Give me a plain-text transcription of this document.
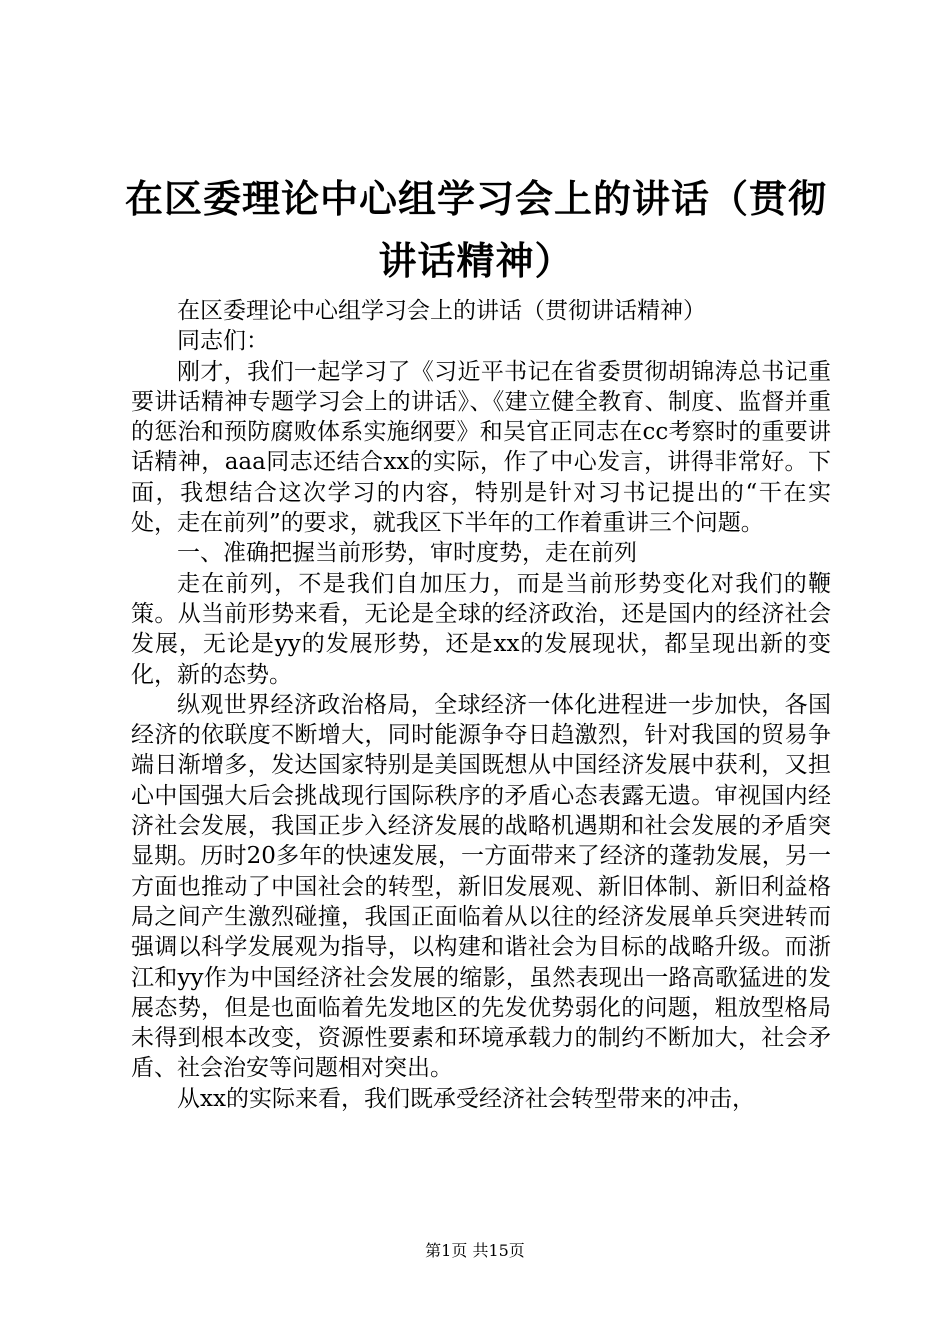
在区委理论中心组学习会上的讲话（贯彻讲话精神）

在区委理论中心组学习会上的讲话（贯彻讲话精神）

同志们：

刚才，我们一起学习了《习近平书记在省委贯彻胡锦涛总书记重要讲话精神专题学习会上的讲话》、《建立健全教育、制度、监督并重的惩治和预防腐败体系实施纲要》和吴官正同志在cc考察时的重要讲话精神，aaa同志还结合xx的实际，作了中心发言，讲得非常好。下面，我想结合这次学习的内容，特别是针对习书记提出的“干在实处，走在前列”的要求，就我区下半年的工作着重讲三个问题。

一、准确把握当前形势，审时度势，走在前列

走在前列，不是我们自加压力，而是当前形势变化对我们的鞭策。从当前形势来看，无论是全球的经济政治，还是国内的经济社会发展，无论是yy的发展形势，还是xx的发展现状，都呈现出新的变化，新的态势。

纵观世界经济政治格局，全球经济一体化进程进一步加快，各国经济的依联度不断增大，同时能源争夺日趋激烈，针对我国的贸易争端日渐增多，发达国家特别是美国既想从中国经济发展中获利，又担心中国强大后会挑战现行国际秩序的矛盾心态表露无遗。审视国内经济社会发展，我国正步入经济发展的战略机遇期和社会发展的矛盾突显期。历时20多年的快速发展，一方面带来了经济的蓬勃发展，另一方面也推动了中国社会的转型，新旧发展观、新旧体制、新旧利益格局之间产生激烈碰撞，我国正面临着从以往的经济发展单兵突进转而强调以科学发展观为指导，以构建和谐社会为目标的战略升级。而浙江和yy作为中国经济社会发展的缩影，虽然表现出一路高歌猛进的发展态势，但是也面临着先发地区的先发优势弱化的问题，粗放型格局未得到根本改变，资源性要素和环境承载力的制约不断加大，社会矛盾、社会治安等问题相对突出。

从xx的实际来看，我们既承受经济社会转型带来的冲击，

第1页 共15页
